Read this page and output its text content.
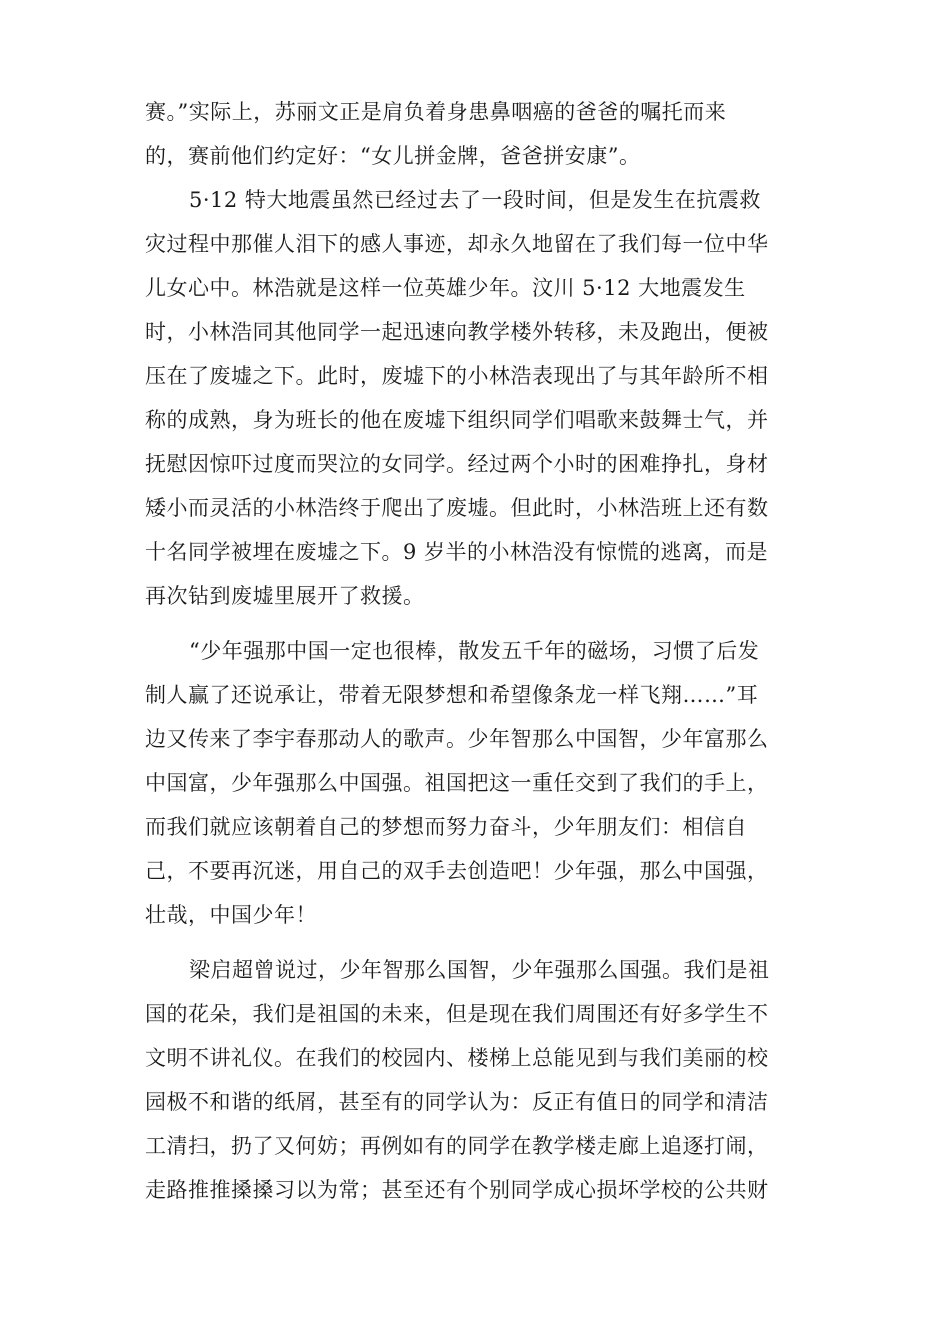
赛。”实际上，苏丽文正是肩负着身患鼻咽癌的爸爸的嘱托而来
的，赛前他们约定好：“女儿拼金牌，爸爸拼安康”。
5·12 特大地震虽然已经过去了一段时间，但是发生在抗震救
灾过程中那催人泪下的感人事迹，却永久地留在了我们每一位中华
儿女心中。林浩就是这样一位英雄少年。汶川 5·12 大地震发生
时，小林浩同其他同学一起迅速向教学楼外转移，未及跑出，便被
压在了废墟之下。此时，废墟下的小林浩表现出了与其年龄所不相
称的成熟，身为班长的他在废墟下组织同学们唱歌来鼓舞士气，并
抚慰因惊吓过度而哭泣的女同学。经过两个小时的困难挣扎，身材
矮小而灵活的小林浩终于爬出了废墟。但此时，小林浩班上还有数
十名同学被埋在废墟之下。9 岁半的小林浩没有惊慌的逃离，而是
再次钻到废墟里展开了救援。
“少年强那中国一定也很棒，散发五千年的磁场，习惯了后发
制人赢了还说承让，带着无限梦想和希望像条龙一样飞翔……”耳
边又传来了李宇春那动人的歌声。少年智那么中国智，少年富那么
中国富，少年强那么中国强。祖国把这一重任交到了我们的手上，
而我们就应该朝着自己的梦想而努力奋斗，少年朋友们：相信自
己，不要再沉迷，用自己的双手去创造吧！少年强，那么中国强，
壮哉，中国少年！
梁启超曾说过，少年智那么国智，少年强那么国强。我们是祖
国的花朵，我们是祖国的未来，但是现在我们周围还有好多学生不
文明不讲礼仪。在我们的校园内、楼梯上总能见到与我们美丽的校
园极不和谐的纸屑，甚至有的同学认为：反正有值日的同学和清洁
工清扫，扔了又何妨；再例如有的同学在教学楼走廊上追逐打闹，
走路推推搡搡习以为常；甚至还有个别同学成心损坏学校的公共财
